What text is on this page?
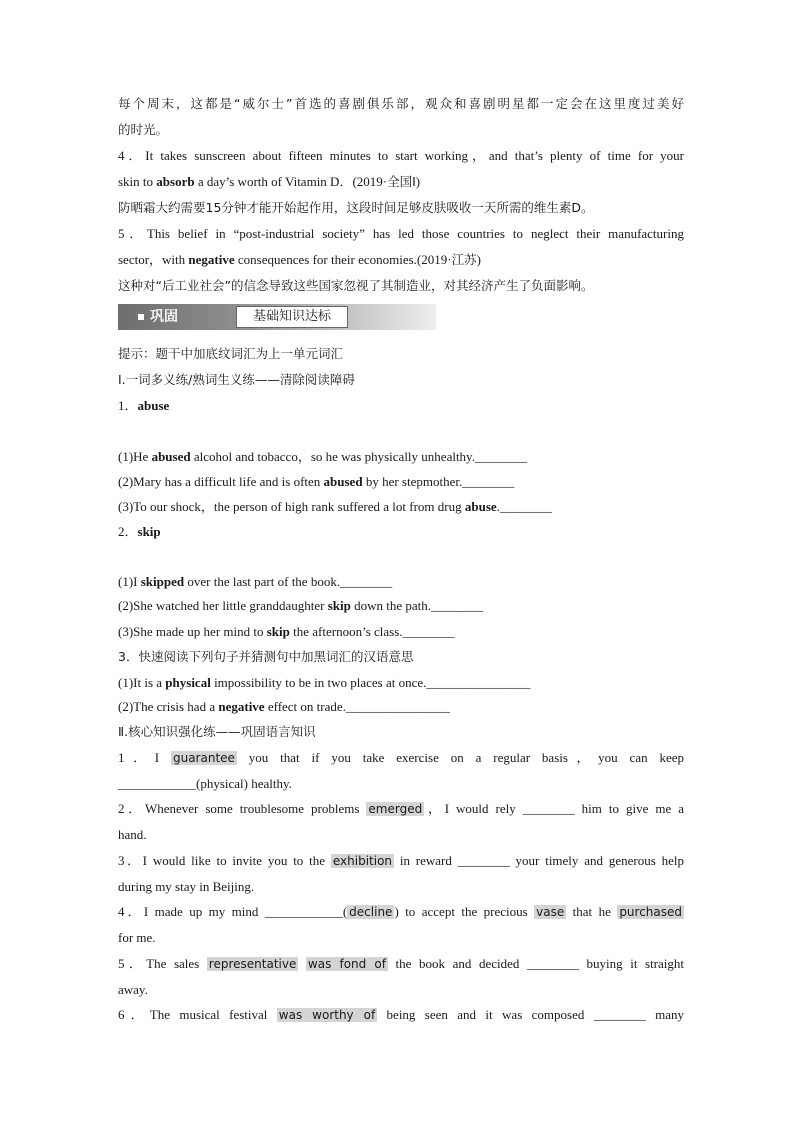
每个周末，这都是“威尔士”首选的喜剧俱乐部，观众和喜剧明星都一定会在这里度过美好
的时光。
4．It takes sunscreen about fifteen minutes to start working，and that’s plenty of time for your
skin to absorb a day’s worth of Vitamin D．(2019·全国Ⅰ)
防晒霜大约需要15分钟才能开始起作用，这段时间足够皮肤吸收一天所需的维生素D。
5．This belief in “post-industrial society” has led those countries to neglect their manufacturing
sector，with negative consequences for their economies.(2019·江苏)
这种对“后工业社会”的信念导致这些国家忽视了其制造业，对其经济产生了负面影响。
巩固	基础知识达标
提示：题干中加底纹词汇为上一单元词汇
Ⅰ.一词多义练/熟词生义练——清除阅读障碍
1．abuse
(1)He abused alcohol and tobacco，so he was physically unhealthy.________
(2)Mary has a difficult life and is often abused by her stepmother.________
(3)To our shock，the person of high rank suffered a lot from drug abuse.________
2．skip
(1)I skipped over the last part of the book.________
(2)She watched her little granddaughter skip down the path.________
(3)She made up her mind to skip the afternoon’s class.________
3．快速阅读下列句子并猜测句中加黑词汇的汉语意思
(1)It is a physical impossibility to be in two places at once.________________
(2)The crisis had a negative effect on trade.________________
Ⅱ.核心知识强化练——巩固语言知识
1．I guarantee you that if you take exercise on a regular basis，you can keep
____________(physical) healthy.
2．Whenever some troublesome problems emerged ，I would rely ________ him to give me a
hand.
3．I would like to invite you to the exhibition in reward ________ your timely and generous help
during my stay in Beijing.
4．I made up my mind ____________( decline ) to accept the precious vase that he purchased
for me.
5．The sales representative was fond of the book and decided ________ buying it straight
away.
6．The musical festival was worthy of being seen and it was composed ________ many
